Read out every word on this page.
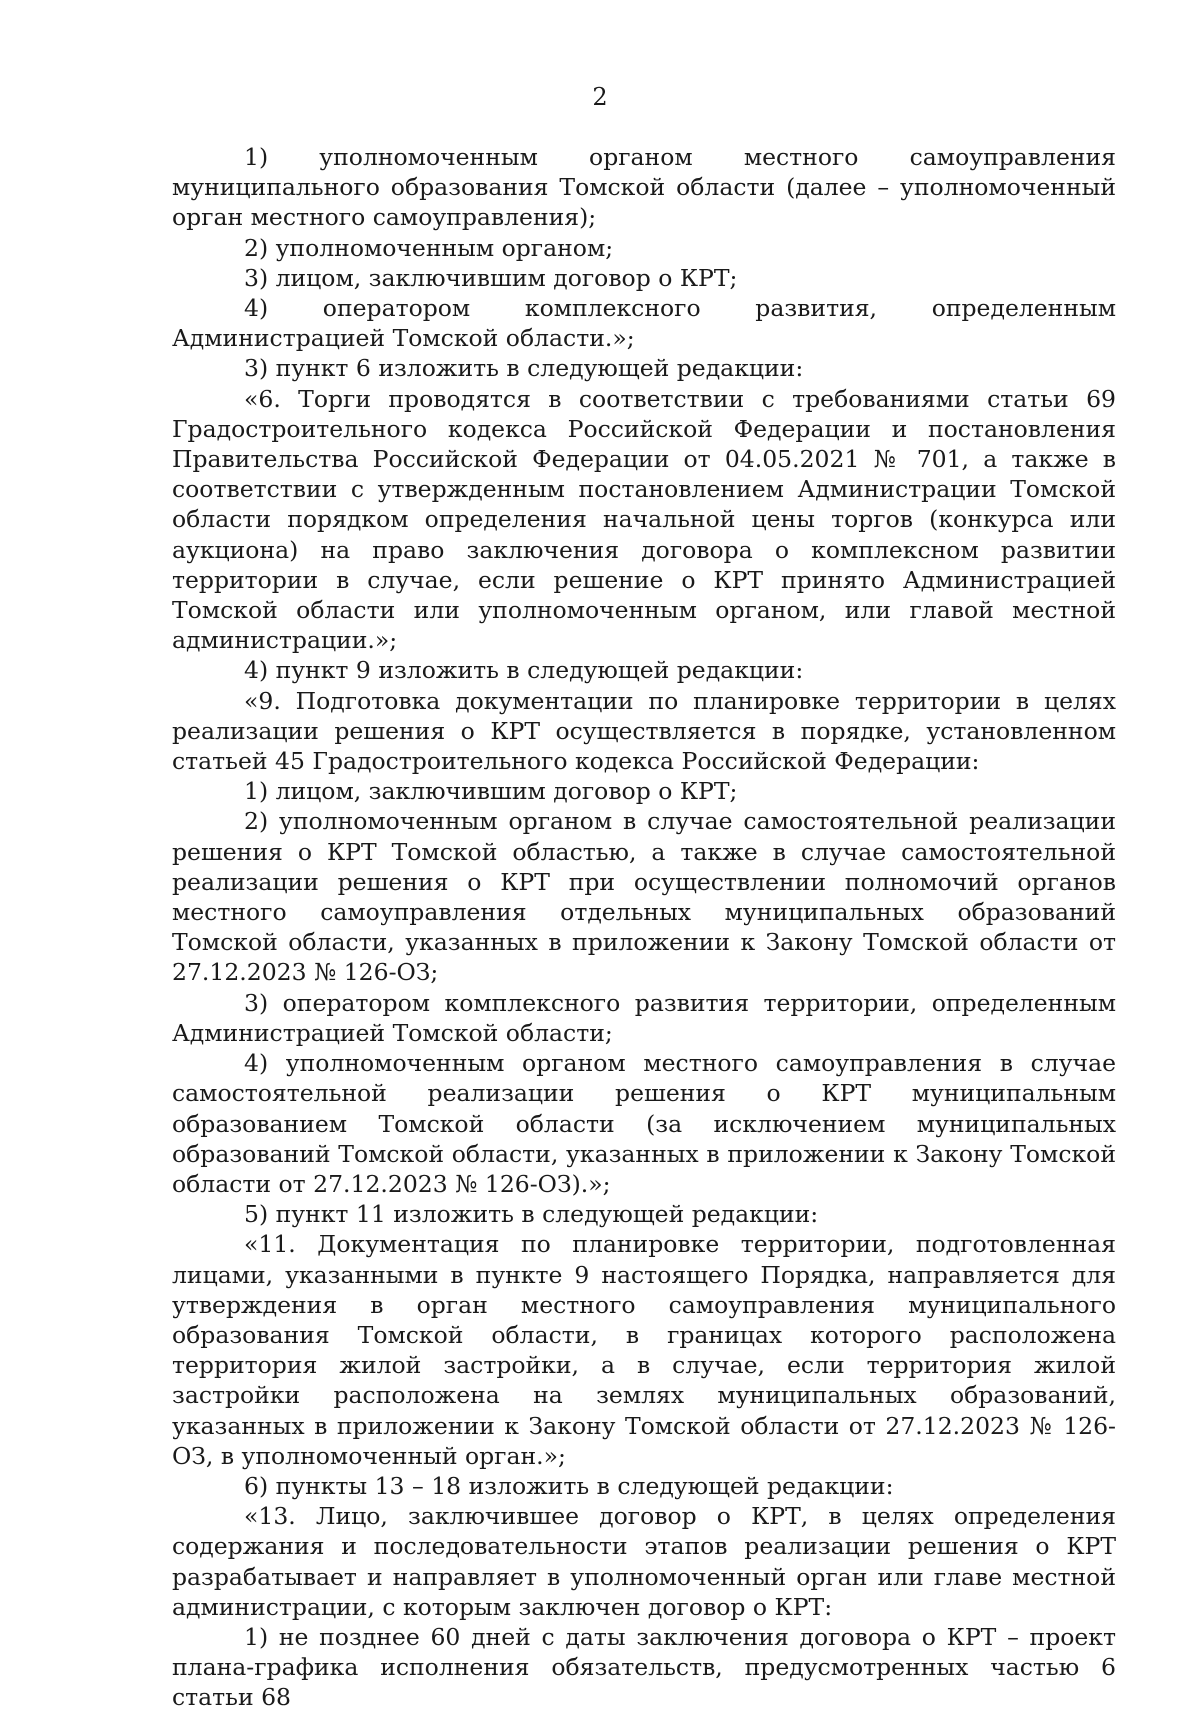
2

1) уполномоченным органом местного самоуправления муниципального образования Томской области (далее – уполномоченный орган местного самоуправления);

2) уполномоченным органом;

3) лицом, заключившим договор о КРТ;

4) оператором комплексного развития, определенным Администрацией Томской области.»;

3) пункт 6 изложить в следующей редакции:

«6. Торги проводятся в соответствии с требованиями статьи 69 Градостроительного кодекса Российской Федерации и постановления Правительства Российской Федерации от 04.05.2021 № 701, а также в соответствии с утвержденным постановлением Администрации Томской области порядком определения начальной цены торгов (конкурса или аукциона) на право заключения договора о комплексном развитии территории в случае, если решение о КРТ принято Администрацией Томской области или уполномоченным органом, или главой местной администрации.»;

4) пункт 9 изложить в следующей редакции:

«9. Подготовка документации по планировке территории в целях реализации решения о КРТ осуществляется в порядке, установленном статьей 45 Градостроительного кодекса Российской Федерации:

1) лицом, заключившим договор о КРТ;

2) уполномоченным органом в случае самостоятельной реализации решения о КРТ Томской областью, а также в случае самостоятельной реализации решения о КРТ при осуществлении полномочий органов местного самоуправления отдельных муниципальных образований Томской области, указанных в приложении к Закону Томской области от 27.12.2023 № 126-ОЗ;

3) оператором комплексного развития территории, определенным Администрацией Томской области;

4) уполномоченным органом местного самоуправления в случае самостоятельной реализации решения о КРТ муниципальным образованием Томской области (за исключением муниципальных образований Томской области, указанных в приложении к Закону Томской области от 27.12.2023 № 126-ОЗ).»;

5) пункт 11 изложить в следующей редакции:

«11. Документация по планировке территории, подготовленная лицами, указанными в пункте 9 настоящего Порядка, направляется для утверждения в орган местного самоуправления муниципального образования Томской области, в границах которого расположена территория жилой застройки, а в случае, если территория жилой застройки расположена на землях муниципальных образований, указанных в приложении к Закону Томской области от 27.12.2023 № 126-ОЗ, в уполномоченный орган.»;

6) пункты 13 – 18 изложить в следующей редакции:

«13. Лицо, заключившее договор о КРТ, в целях определения содержания и последовательности этапов реализации решения о КРТ разрабатывает и направляет в уполномоченный орган или главе местной администрации, с которым заключен договор о КРТ:

1) не позднее 60 дней с даты заключения договора о КРТ – проект плана-графика исполнения обязательств, предусмотренных частью 6 статьи 68
